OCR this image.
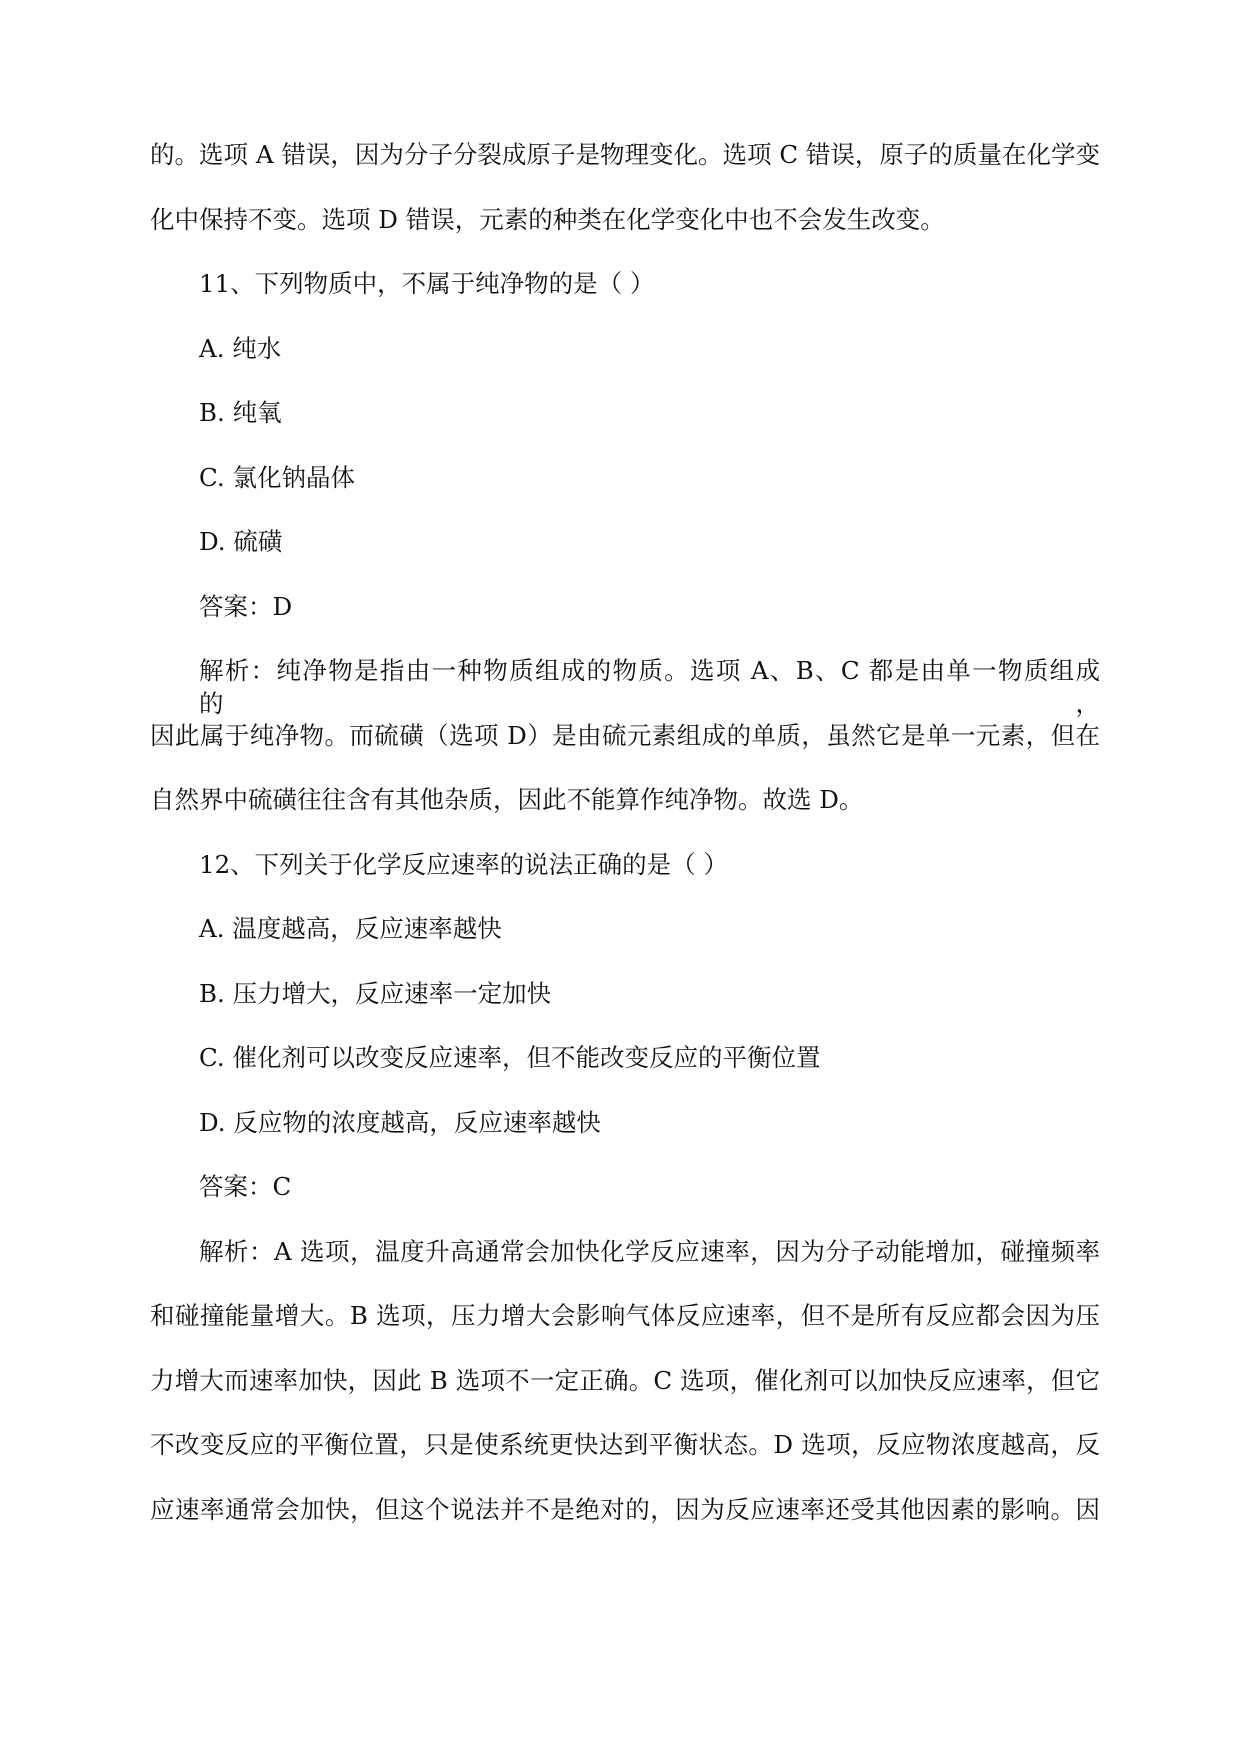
的。选项 A 错误，因为分子分裂成原子是物理变化。选项 C 错误，原子的质量在化学变
化中保持不变。选项 D 错误，元素的种类在化学变化中也不会发生改变。
11、下列物质中，不属于纯净物的是（ ）
A. 纯水
B. 纯氧
C. 氯化钠晶体
D. 硫磺
答案：D
解析：纯净物是指由一种物质组成的物质。选项 A、B、C 都是由单一物质组成的，
因此属于纯净物。而硫磺（选项 D）是由硫元素组成的单质，虽然它是单一元素，但在
自然界中硫磺往往含有其他杂质，因此不能算作纯净物。故选 D。
12、下列关于化学反应速率的说法正确的是（ ）
A. 温度越高，反应速率越快
B. 压力增大，反应速率一定加快
C. 催化剂可以改变反应速率，但不能改变反应的平衡位置
D. 反应物的浓度越高，反应速率越快
答案：C
解析：A 选项，温度升高通常会加快化学反应速率，因为分子动能增加，碰撞频率
和碰撞能量增大。B 选项，压力增大会影响气体反应速率，但不是所有反应都会因为压
力增大而速率加快，因此 B 选项不一定正确。C 选项，催化剂可以加快反应速率，但它
不改变反应的平衡位置，只是使系统更快达到平衡状态。D 选项，反应物浓度越高，反
应速率通常会加快，但这个说法并不是绝对的，因为反应速率还受其他因素的影响。因
